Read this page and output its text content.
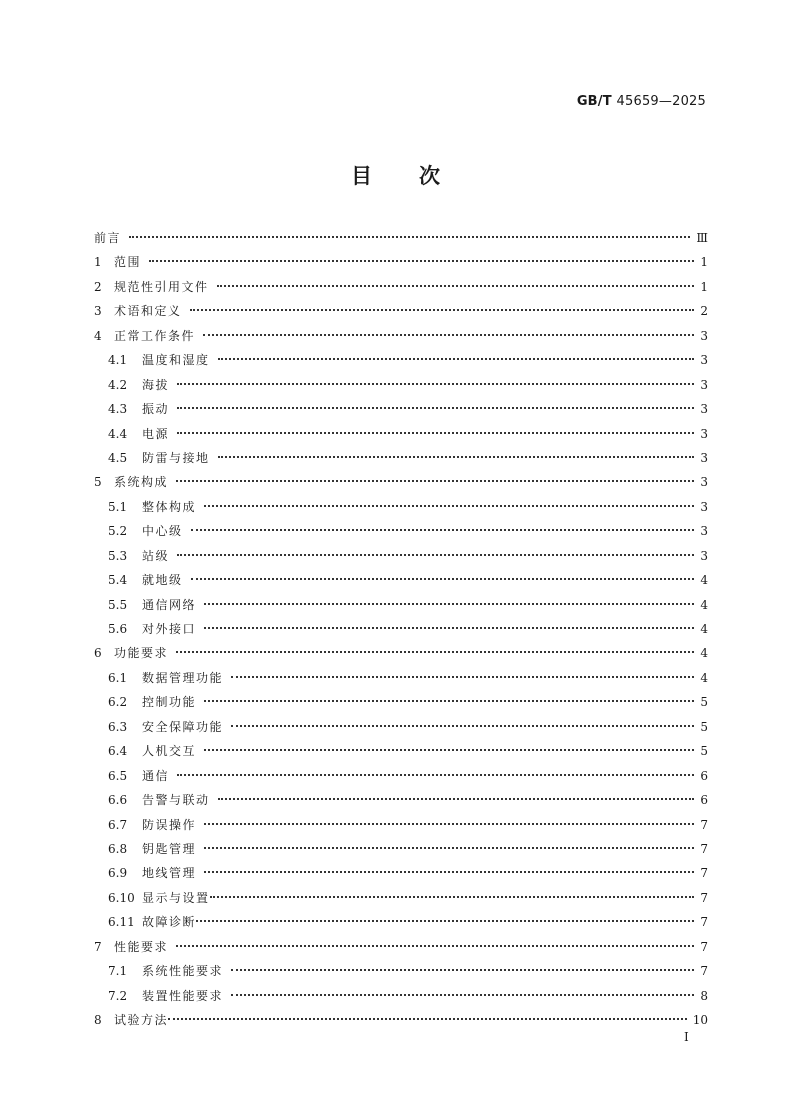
GB/T 45659—2025
目 次
前言	Ⅲ
1 范围	1
2 规范性引用文件	1
3 术语和定义	2
4 正常工作条件	3
4.1 温度和湿度	3
4.2 海拔	3
4.3 振动	3
4.4 电源	3
4.5 防雷与接地	3
5 系统构成	3
5.1 整体构成	3
5.2 中心级	3
5.3 站级	3
5.4 就地级	4
5.5 通信网络	4
5.6 对外接口	4
6 功能要求	4
6.1 数据管理功能	4
6.2 控制功能	5
6.3 安全保障功能	5
6.4 人机交互	5
6.5 通信	6
6.6 告警与联动	6
6.7 防误操作	7
6.8 钥匙管理	7
6.9 地线管理	7
6.10 显示与设置	7
6.11 故障诊断	7
7 性能要求	7
7.1 系统性能要求	7
7.2 装置性能要求	8
8 试验方法	10
Ⅰ
